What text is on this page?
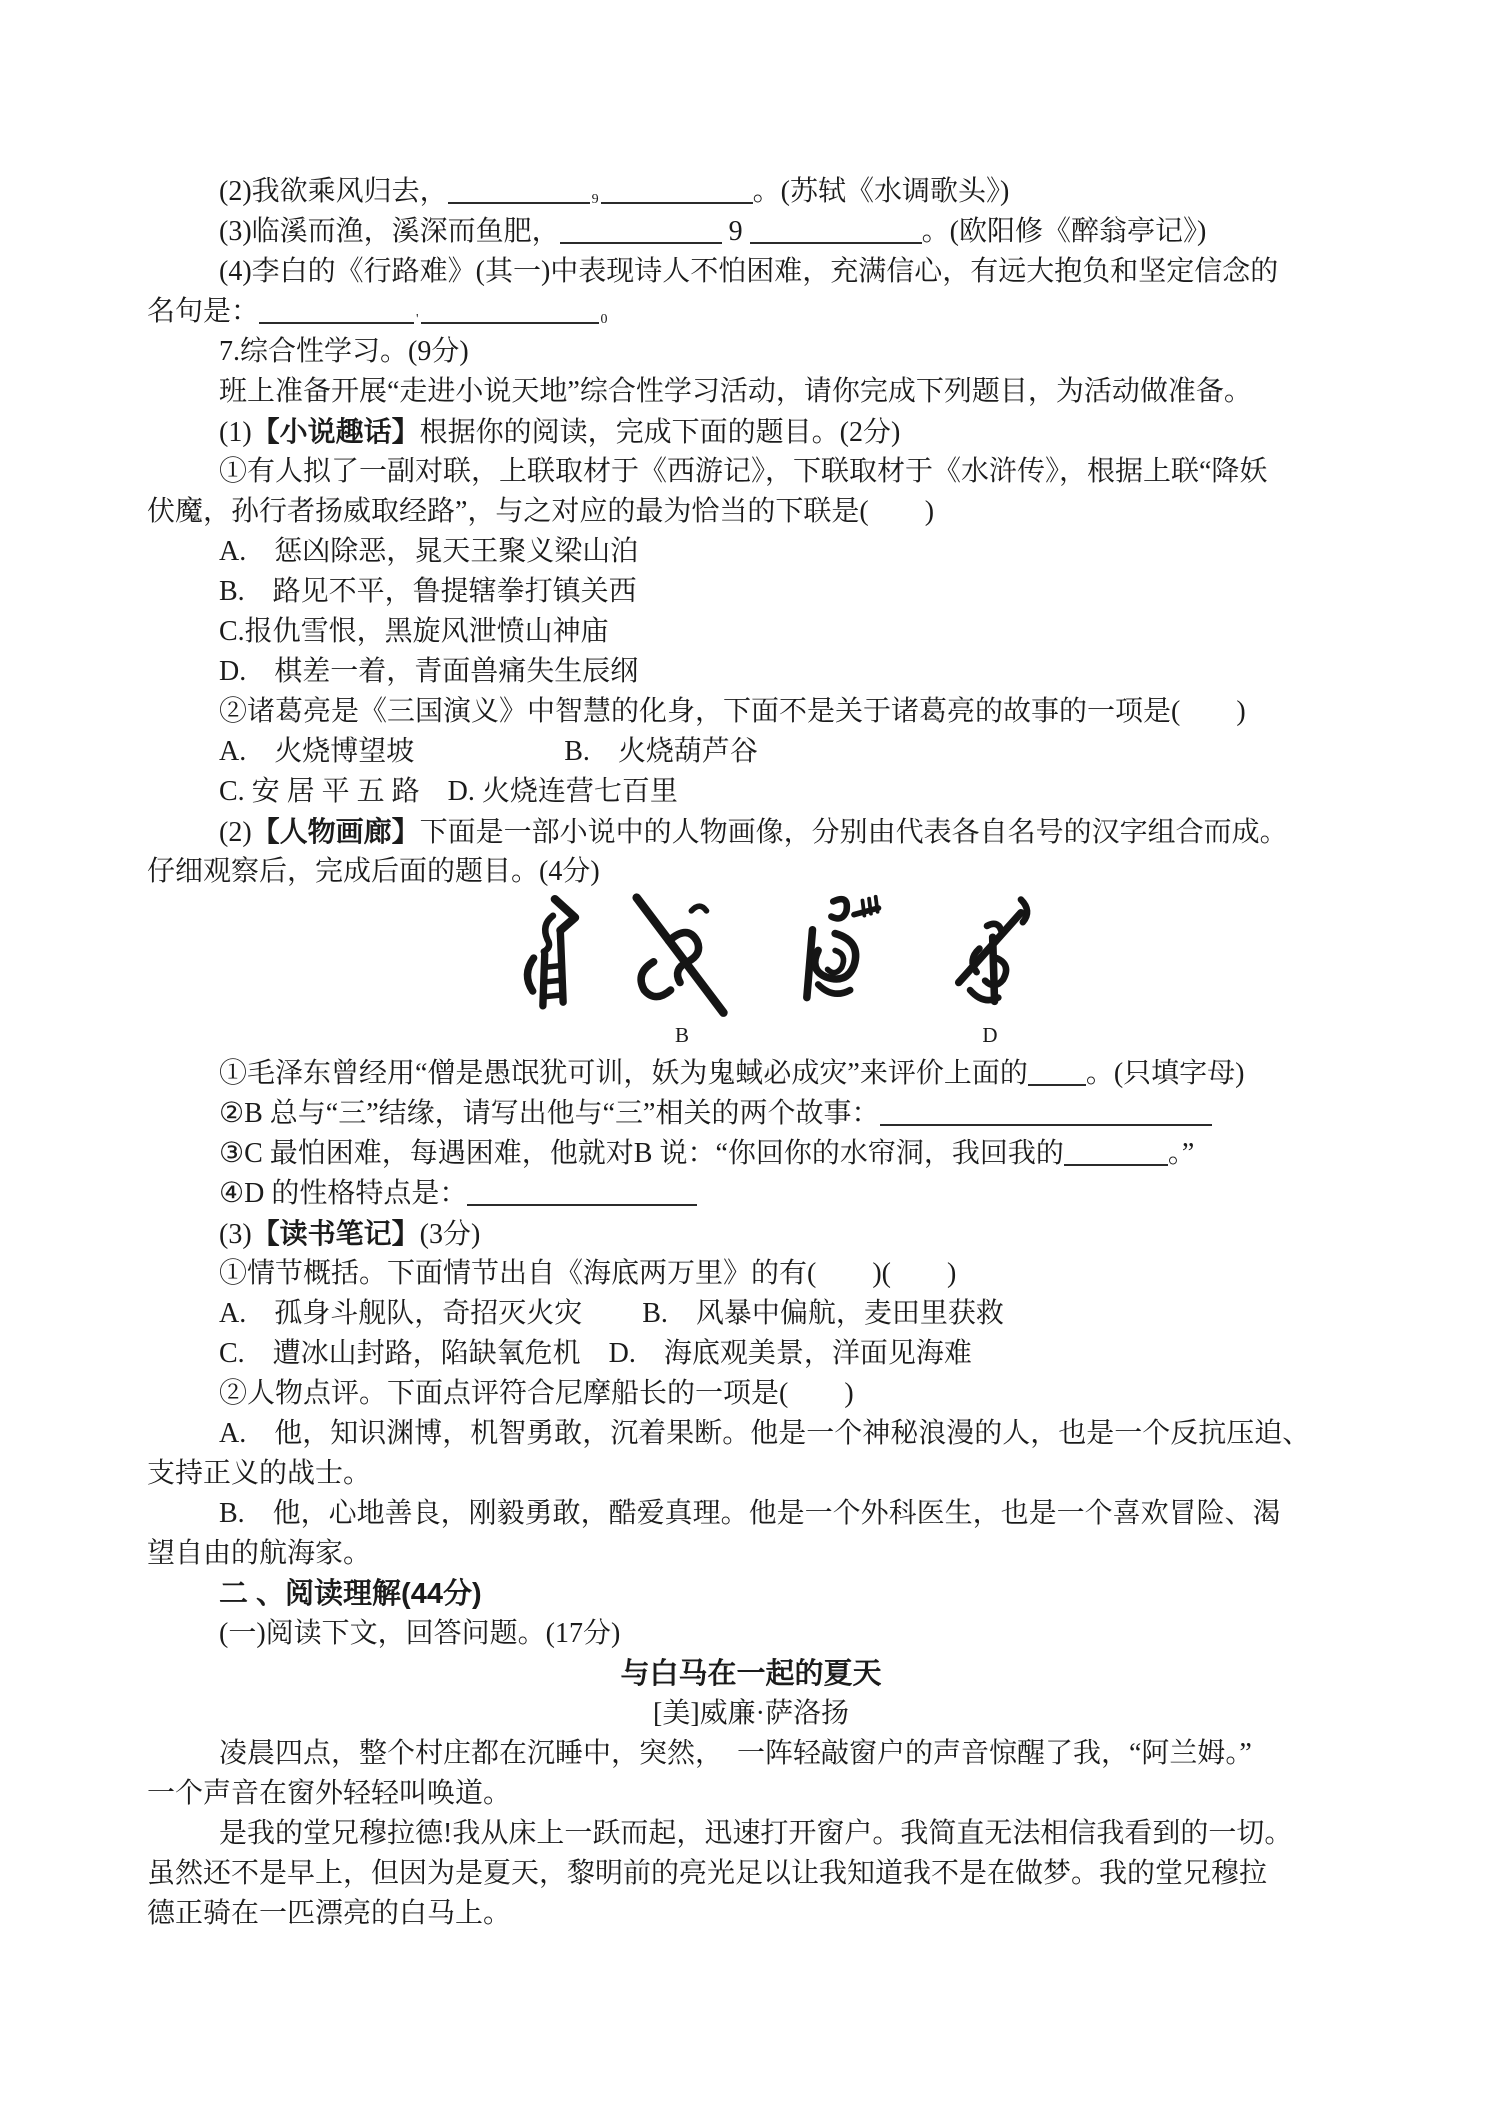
(2)我欲乘风归去，	9	。(苏轼《水调歌头》)
(3)临溪而渔，溪深而鱼肥，	9	。(欧阳修《醉翁亭记》)
(4)李白的《行路难》(其一)中表现诗人不怕困难，充满信心，有远大抱负和坚定信念的
名句是：	'	0
7.综合性学习。(9分)
班上准备开展“走进小说天地”综合性学习活动，请你完成下列题目，为活动做准备。
(1)【小说趣话】根据你的阅读，完成下面的题目。(2分)
①有人拟了一副对联，上联取材于《西游记》，下联取材于《水浒传》，根据上联“降妖
伏魔，孙行者扬威取经路”，与之对应的最为恰当的下联是(　　)
A.　惩凶除恶，晁天王聚义梁山泊
B.　路见不平，鲁提辖拳打镇关西
C.报仇雪恨，黑旋风泄愤山神庙
D.　棋差一着，青面兽痛失生辰纲
②诸葛亮是《三国演义》中智慧的化身，下面不是关于诸葛亮的故事的一项是(　　)
A.　火烧博望坡	B.　火烧葫芦谷
C. 安 居 平 五 路　D. 火烧连营七百里
(2)【人物画廊】下面是一部小说中的人物画像，分别由代表各自名号的汉字组合而成。
仔细观察后，完成后面的题目。(4分)
B	D
①毛泽东曾经用“僧是愚氓犹可训，妖为鬼蜮必成灾”来评价上面的 。(只填字母)
②B 总与“三”结缘，请写出他与“三”相关的两个故事：
③C 最怕困难，每遇困难，他就对B 说：“你回你的水帘洞，我回我的	。”
④D 的性格特点是：
(3)【读书笔记】(3分)
①情节概括。下面情节出自《海底两万里》的有(　　)(　　)
A.　孤身斗舰队，奇招灭火灾 B.　风暴中偏航，麦田里获救
C.　遭冰山封路，陷缺氧危机　D.　海底观美景，洋面见海难
②人物点评。下面点评符合尼摩船长的一项是(　　)
A.　他，知识渊博，机智勇敢，沉着果断。他是一个神秘浪漫的人，也是一个反抗压迫、
支持正义的战士。
B.　他，心地善良，刚毅勇敢，酷爱真理。他是一个外科医生，也是一个喜欢冒险、渴
望自由的航海家。
二 、阅读理解(44分)
(一)阅读下文，回答问题。(17分)
与白马在一起的夏天
[美]威廉·萨洛扬
凌晨四点，整个村庄都在沉睡中，突然，　一阵轻敲窗户的声音惊醒了我，“阿兰姆。”
一个声音在窗外轻轻叫唤道。
是我的堂兄穆拉德!我从床上一跃而起，迅速打开窗户。我简直无法相信我看到的一切。
虽然还不是早上，但因为是夏天，黎明前的亮光足以让我知道我不是在做梦。我的堂兄穆拉
德正骑在一匹漂亮的白马上。
